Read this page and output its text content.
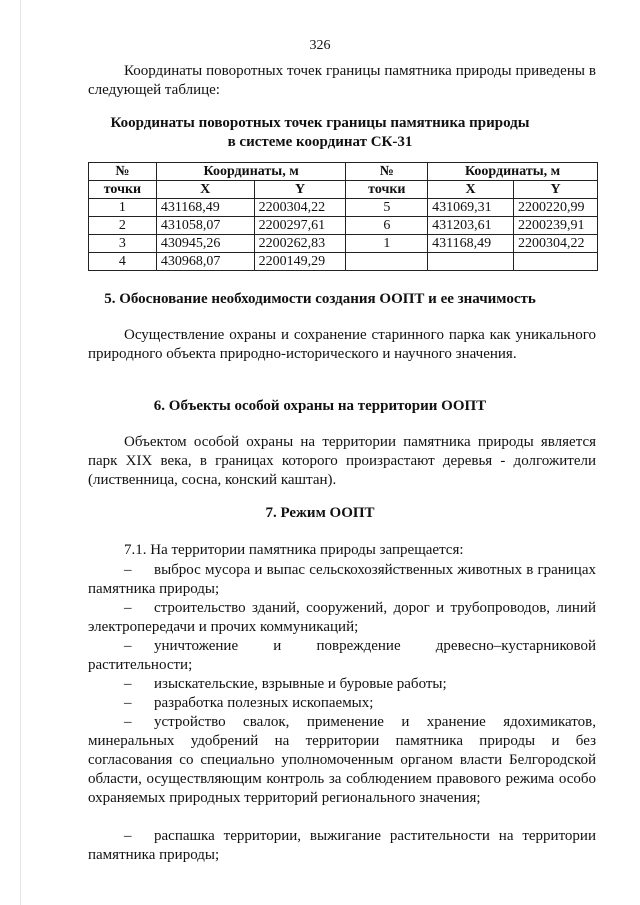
326
Координаты поворотных точек границы памятника природы приведены в следующей таблице:
Координаты поворотных точек границы памятника природы
в системе координат СК-31
№	Координаты, м		№	Координаты, м	
точки	X	Y	точки	X	Y
1	431168,49	2200304,22	5	431069,31	2200220,99
2	431058,07	2200297,61	6	431203,61	2200239,91
3	430945,26	2200262,83	1	431168,49	2200304,22
4	430968,07	2200149,29			
5. Обоснование необходимости создания ООПТ и ее значимость
Осуществление охраны и сохранение старинного парка как уникального природного объекта природно-исторического и научного значения.
6. Объекты особой охраны на территории ООПТ
Объектом особой охраны на территории памятника природы является парк XIX века, в границах которого произрастают деревья - долгожители (лиственница, сосна, конский каштан).
7. Режим ООПТ
7.1. На территории памятника природы запрещается:
–  выброс мусора и выпас сельскохозяйственных животных в границах памятника природы;
–  строительство зданий, сооружений, дорог и трубопроводов, линий электропередачи и прочих коммуникаций;
–  уничтожение и повреждение древесно–кустарниковой растительности;
–  изыскательские, взрывные и буровые работы;
–  разработка полезных ископаемых;
–  устройство свалок, применение и хранение ядохимикатов, минеральных удобрений на территории памятника природы и без согласования со специально уполномоченным органом власти Белгородской области, осуществляющим контроль за соблюдением правового режима особо охраняемых природных территорий регионального значения;
–  распашка территории, выжигание растительности на территории памятника природы;
